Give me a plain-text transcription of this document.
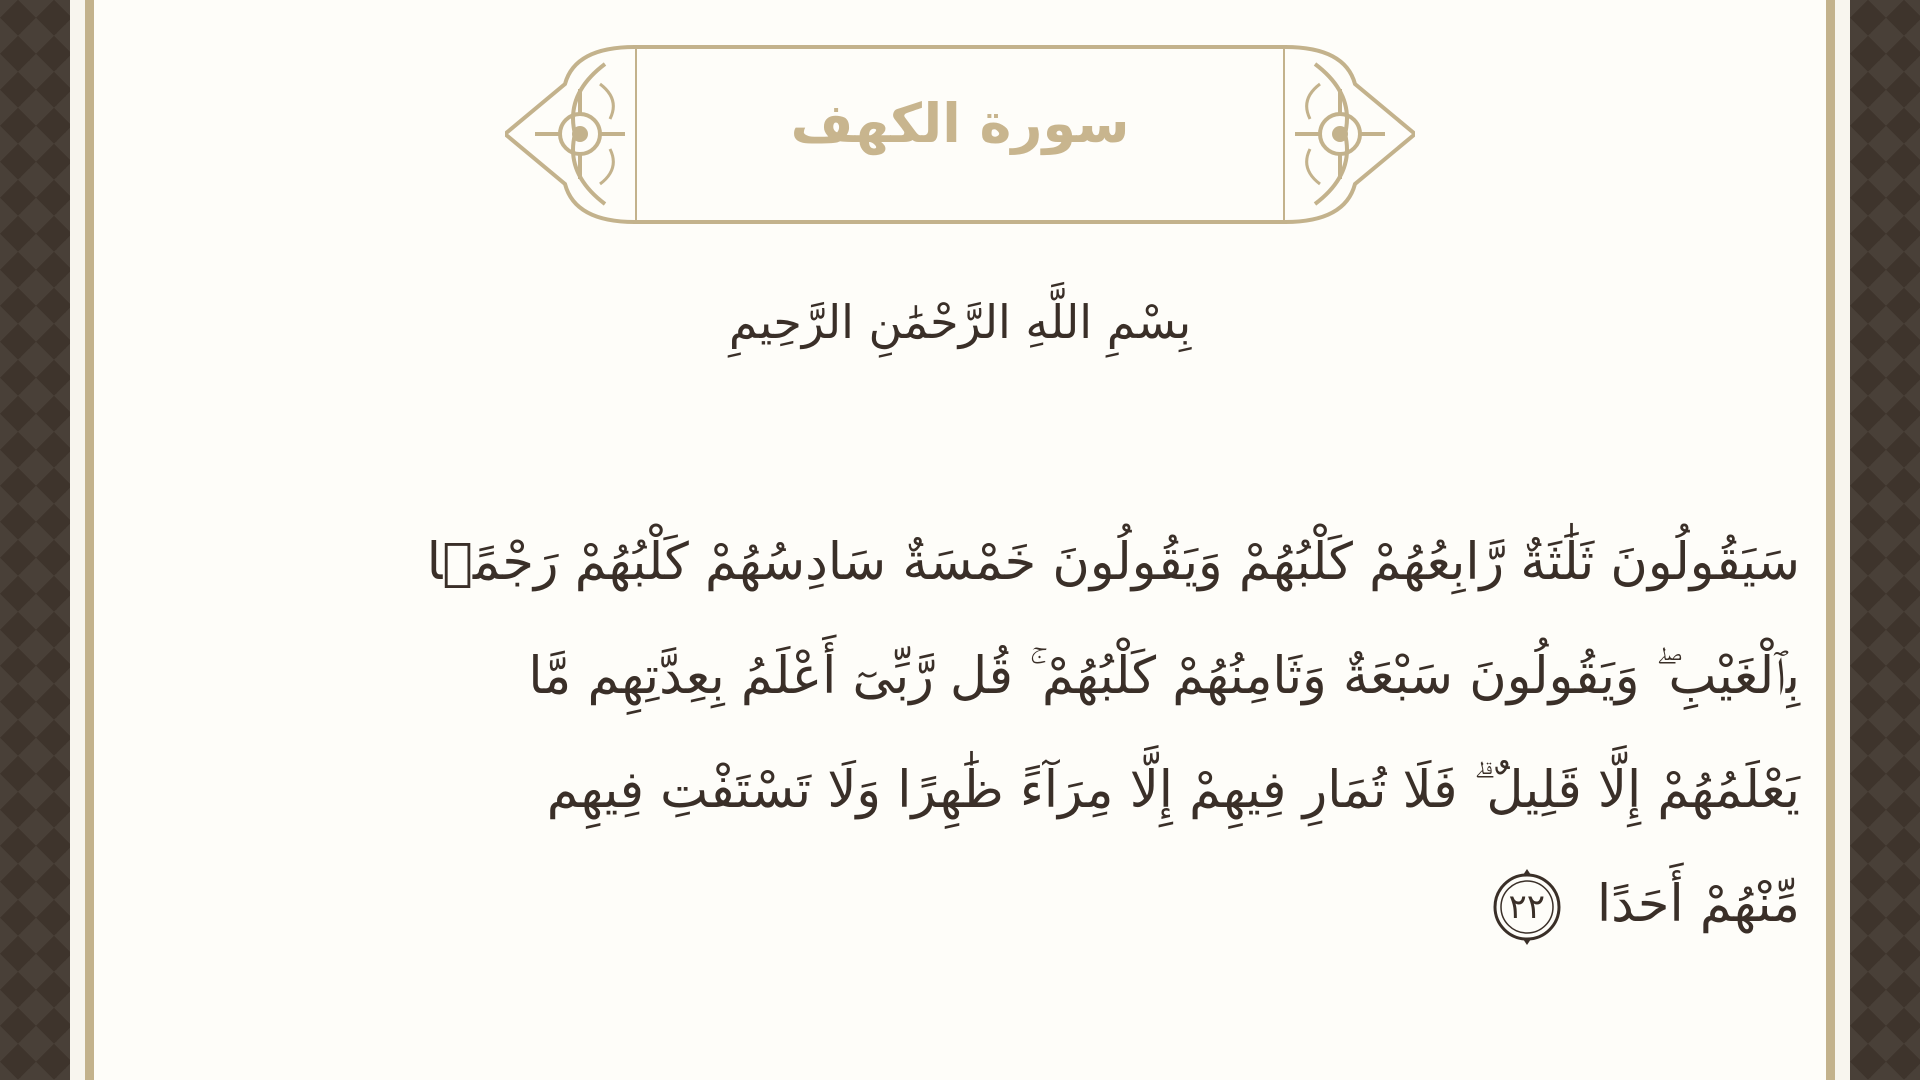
سورة الكهف
بِسْمِ اللَّهِ الرَّحْمَٰنِ الرَّحِيمِ
سَيَقُولُونَ ثَلَٰثَةٌ رَّابِعُهُمْ كَلْبُهُمْ وَيَقُولُونَ خَمْسَةٌ سَادِسُهُمْ كَلْبُهُمْ رَجْمًۢا
بِٱلْغَيْبِ ۖ وَيَقُولُونَ سَبْعَةٌ وَثَامِنُهُمْ كَلْبُهُمْ ۚ قُل رَّبِّىٓ أَعْلَمُ بِعِدَّتِهِم مَّا
يَعْلَمُهُمْ إِلَّا قَلِيلٌ ۗ فَلَا تُمَارِ فِيهِمْ إِلَّا مِرَآءً ظَٰهِرًا وَلَا تَسْتَفْتِ فِيهِم
مِّنْهُمْ أَحَدًا
٢٢
